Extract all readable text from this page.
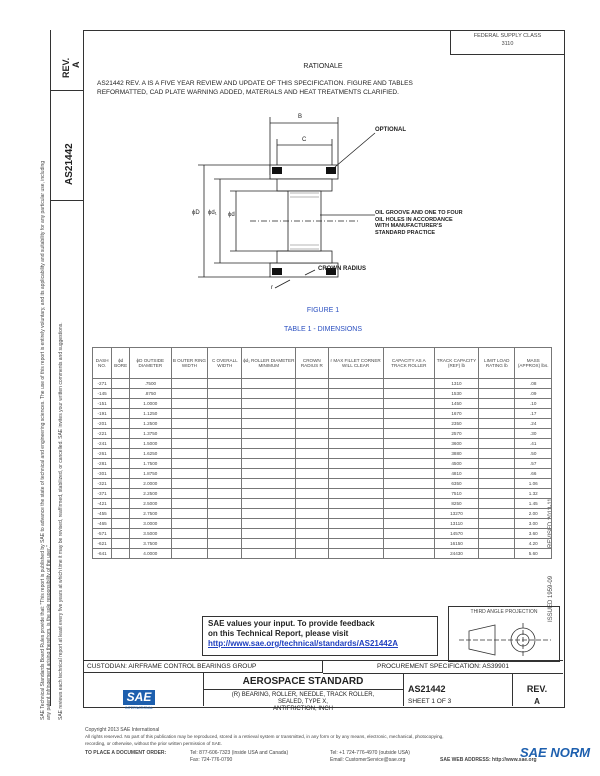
REV. A
AS21442
SAE Technical Standards Board Rules provide that: "This report is published by SAE to advance the state of technical and engineering sciences. The use of this report is entirely voluntary, and its applicability and suitability for any particular use, including any patent infringement arising therefrom, is the sole responsibility of the user." SAE reviews each technical report at least every five years at which time it may be revised, reaffirmed, stabilized, or cancelled. SAE invites your written comments and suggestions.	ISSUED 1959-09
REVISED 2013-11
FEDERAL SUPPLY CLASS
3110
RATIONALE
AS21442 REV. A IS A FIVE YEAR REVIEW AND UPDATE OF THIS SPECIFICATION. FIGURE AND TABLES
REFORMATTED, CAD PLATE WARNING ADDED, MATERIALS AND HEAT TREATMENTS CLARIFIED.
B
C
OPTIONAL
OIL GROOVE AND ONE TO FOUR
OIL HOLES IN ACCORDANCE
WITH MANUFACTURER'S
STANDARD PRACTICE
CROWN RADIUS
r
ϕD ϕd₁ ϕd
FIGURE 1
TABLE 1 - DIMENSIONS
DASH NO.	ϕd BORE	ϕD OUTSIDE DIAMETER	B OUTER RING WIDTH	C OVERALL WIDTH	ϕd₁ ROLLER DIAMETER MINIMUM	CROWN RADIUS R	r MAX FILLET CORNER WILL CLEAR	CAPACITY AS A TRACK ROLLER	TRACK CAPACITY (REF) lb	LIMIT LOAD RATING lb	MASS (APPROX) lbs.
-271		.7500							1310		.08
-145		.8750							1530		.09
-151		1.0000							1450		.10
-191		1.1250							1670		.17
-201		1.2500							2350		.24
-221		1.3750							2570		.30
-241		1.5000							3600		.41
-261		1.6250							3880		.50
-281		1.7500							4500		.57
-301		1.8750							4810		.66
-321		2.0000							6350		1.06
-371		2.2500							7510		1.32
-421		2.5000							8250		1.45
-455		2.7500							13270		2.00
-465		3.0000							13110		3.00
-571		3.5000							14570		3.60
-621		3.7500							16150		4.20
-641		4.0000							24430		5.60
THIRD ANGLE PROJECTION
SAE values your input. To provide feedback
on this Technical Report, please visit
http://www.sae.org/technical/standards/AS21442A
CUSTODIAN: AIRFRAME CONTROL BEARINGS GROUP	PROCUREMENT SPECIFICATION: AS39901
SAE
INTERNATIONAL
AEROSPACE STANDARD
(R) BEARING, ROLLER, NEEDLE, TRACK ROLLER,
SEALED, TYPE X,
ANTIFRICTION, INCH
AS21442
SHEET 1 OF 3
REV.
A
Copyright 2013 SAE International
All rights reserved. No part of this publication may be reproduced, stored in a retrieval system or transmitted, in any form or by any means, electronic, mechanical, photocopying,
recording, or otherwise, without the prior written permission of SAE.
TO PLACE A DOCUMENT ORDER:	Tel: 877-606-7323 (inside USA and Canada)
Fax: 724-776-0790
Tel: +1 724-776-4970 (outside USA)
Email: CustomerService@sae.org	SAE WEB ADDRESS: http://www.sae.org
SAE NORM
